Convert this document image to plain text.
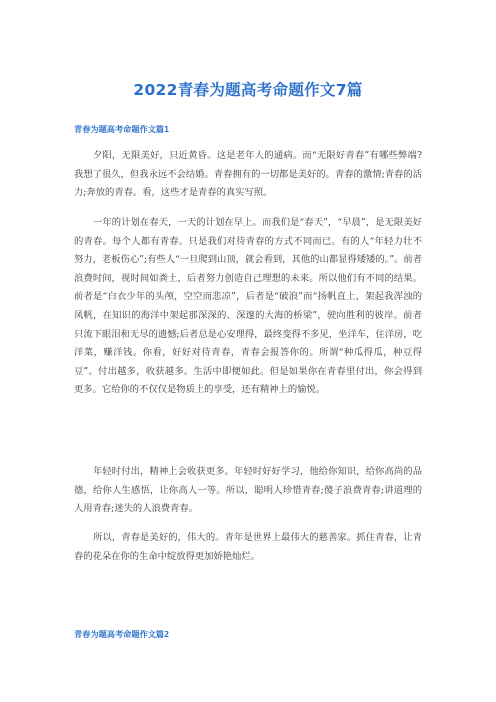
2022青春为题高考命题作文7篇
青春为题高考命题作文篇1

夕阳，无限美好，只近黄昏。这是老年人的通病。而“无限好青春”有哪些弊端?我想了很久，但我永远不会结婚。青春拥有的一切都是美好的。青春的激情;青春的活力;奔放的青春。看，这些才是青春的真实写照。

一年的计划在春天，一天的计划在早上。而我们是“春天”，“早晨”，是无限美好的青春。每个人都有青春。只是我们对待青春的方式不同而已。有的人“年轻力壮不努力，老板伤心”;有些人“一旦爬到山顶，就会看到，其他的山都显得矮矮的。”。前者浪费时间，视时间如粪土，后者努力创造自己理想的未来。所以他们有不同的结果。前者是“白衣少年的头颅，空空而悲凉”，后者是“破浪”而“扬帆直上，架起我浑浊的风帆，在知识的海洋中架起那深深的、深邃的大海的桥梁”，驶向胜利的彼岸。前者只流下眼泪和无尽的遗憾;后者总是心安理得，最终变得不多见，坐洋车，住洋房，吃洋菜，赚洋钱。你看，好好对待青春，青春会报答你的。所谓“种瓜得瓜，种豆得豆”。付出越多，收获越多。生活中即便如此。但是如果你在青春里付出，你会得到更多。它给你的不仅仅是物质上的享受，还有精神上的愉悦。

年轻时付出，精神上会收获更多。年轻时好好学习，他给你知识，给你高尚的品德，给你人生感悟，让你高人一等。所以，聪明人珍惜青春;傻子浪费青春;讲道理的人用青春;迷失的人浪费青春。

所以，青春是美好的，伟大的。青年是世界上最伟大的慈善家。抓住青春，让青春的花朵在你的生命中绽放得更加娇艳灿烂。

青春为题高考命题作文篇2
